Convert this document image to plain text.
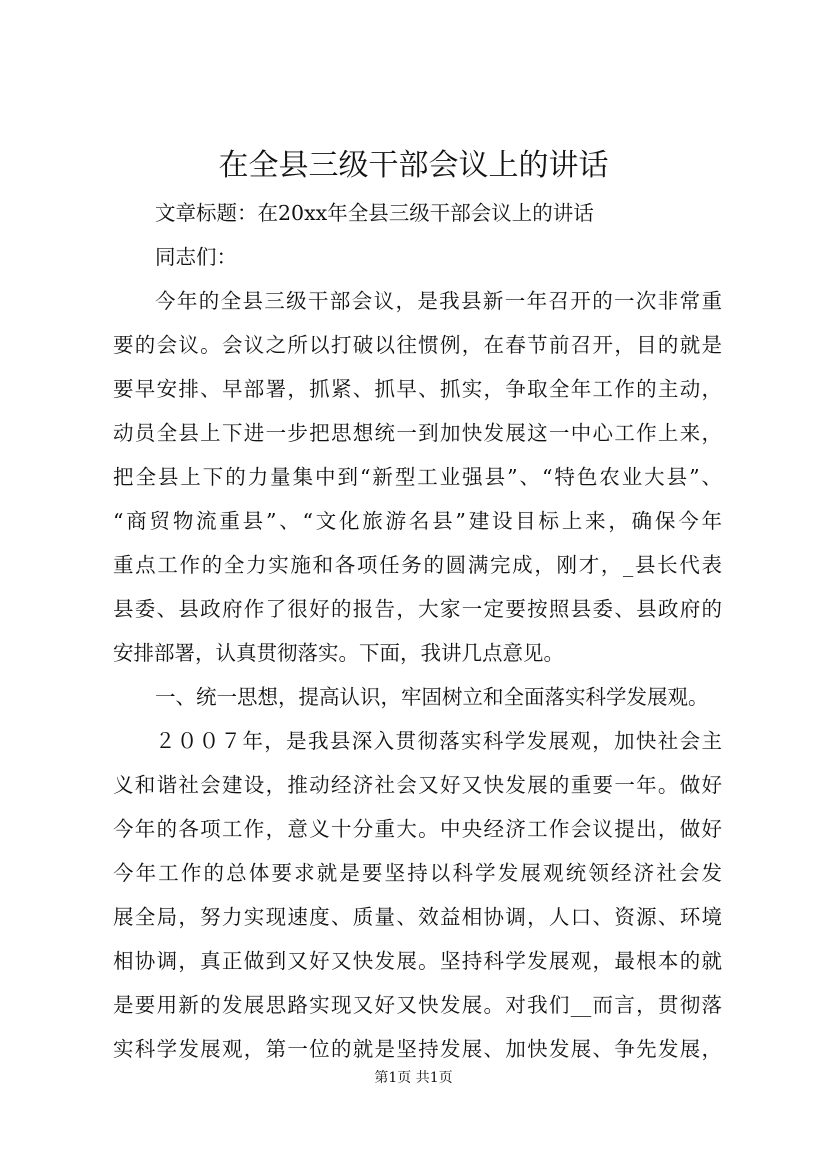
在全县三级干部会议上的讲话
文章标题：在20xx年全县三级干部会议上的讲话
同志们：
今年的全县三级干部会议，是我县新一年召开的一次非常重
要的会议。会议之所以打破以往惯例，在春节前召开，目的就是
要早安排、早部署，抓紧、抓早、抓实，争取全年工作的主动，
动员全县上下进一步把思想统一到加快发展这一中心工作上来，
把全县上下的力量集中到“新型工业强县”、“特色农业大县”、
“商贸物流重县”、“文化旅游名县”建设目标上来，确保今年
重点工作的全力实施和各项任务的圆满完成，刚才，_县长代表
县委、县政府作了很好的报告，大家一定要按照县委、县政府的
安排部署，认真贯彻落实。下面，我讲几点意见。
一、统一思想，提高认识，牢固树立和全面落实科学发展观。
２００７年，是我县深入贯彻落实科学发展观，加快社会主
义和谐社会建设，推动经济社会又好又快发展的重要一年。做好
今年的各项工作，意义十分重大。中央经济工作会议提出，做好
今年工作的总体要求就是要坚持以科学发展观统领经济社会发
展全局，努力实现速度、质量、效益相协调，人口、资源、环境
相协调，真正做到又好又快发展。坚持科学发展观，最根本的就
是要用新的发展思路实现又好又快发展。对我们__而言，贯彻落
实科学发展观，第一位的就是坚持发展、加快发展、争先发展，
第1页 共1页
